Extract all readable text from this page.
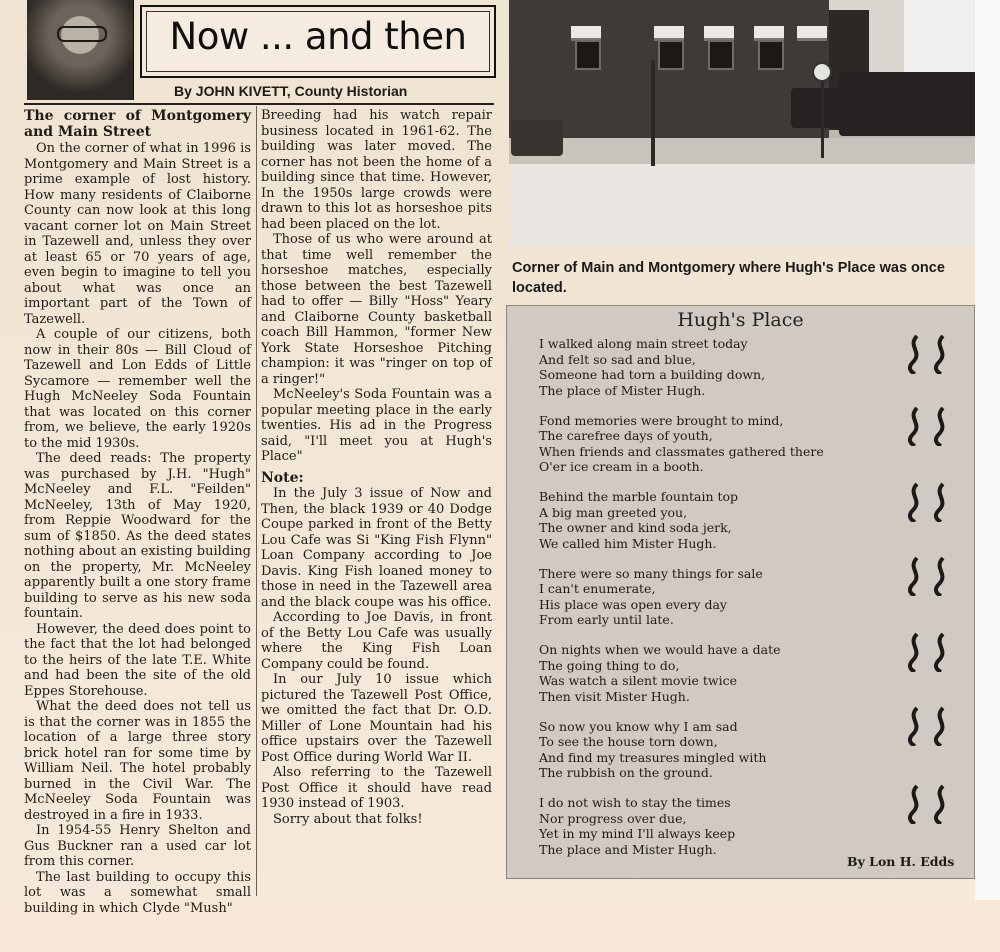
Now ... and then
By JOHN KIVETT, County Historian
The corner of Montgomery and Main Street

On the corner of what in 1996 is Montgomery and Main Street is a prime example of lost history. How many residents of Claiborne County can now look at this long vacant corner lot on Main Street in Tazewell and, unless they over at least 65 or 70 years of age, even begin to imagine to tell you about what was once an important part of the Town of Tazewell.

A couple of our citizens, both now in their 80s — Bill Cloud of Tazewell and Lon Edds of Little Sycamore — remember well the Hugh McNeeley Soda Fountain that was located on this corner from, we believe, the early 1920s to the mid 1930s.

The deed reads: The property was purchased by J.H. "Hugh" McNeeley and F.L. "Feilden" McNeeley, 13th of May 1920, from Reppie Woodward for the sum of $1850. As the deed states nothing about an existing building on the property, Mr. McNeeley apparently built a one story frame building to serve as his new soda fountain.

However, the deed does point to the fact that the lot had belonged to the heirs of the late T.E. White and had been the site of the old Eppes Storehouse.

What the deed does not tell us is that the corner was in 1855 the location of a large three story brick hotel ran for some time by William Neil. The hotel probably burned in the Civil War. The McNeeley Soda Fountain was destroyed in a fire in 1933.

In 1954-55 Henry Shelton and Gus Buckner ran a used car lot from this corner.

The last building to occupy this lot was a somewhat small building in which Clyde "Mush"

Breeding had his watch repair business located in 1961-62. The building was later moved. The corner has not been the home of a building since that time. However, In the 1950s large crowds were drawn to this lot as horseshoe pits had been placed on the lot.

Those of us who were around at that time well remember the horseshoe matches, especially those between the best Tazewell had to offer — Billy "Hoss" Yeary and Claiborne County basketball coach Bill Hammon, "former New York State Horseshoe Pitching champion: it was "ringer on top of a ringer!"

McNeeley's Soda Fountain was a popular meeting place in the early twenties. His ad in the Progress said, "I'll meet you at Hugh's Place"

Note:

In the July 3 issue of Now and Then, the black 1939 or 40 Dodge Coupe parked in front of the Betty Lou Cafe was Si "King Fish Flynn" Loan Company according to Joe Davis. King Fish loaned money to those in need in the Tazewell area and the black coupe was his office.

According to Joe Davis, in front of the Betty Lou Cafe was usually where the King Fish Loan Company could be found.

In our July 10 issue which pictured the Tazewell Post Office, we omitted the fact that Dr. O.D. Miller of Lone Mountain had his office upstairs over the Tazewell Post Office during World War II.

Also referring to the Tazewell Post Office it should have read 1930 instead of 1903.

Sorry about that folks!

Corner of Main and Montgomery where Hugh's Place was once located.
Hugh's Place
I walked along main street today
And felt so sad and blue,
Someone had torn a building down,
The place of Mister Hugh.
Fond memories were brought to mind,
The carefree days of youth,
When friends and classmates gathered there
O'er ice cream in a booth.
Behind the marble fountain top
A big man greeted you,
The owner and kind soda jerk,
We called him Mister Hugh.
There were so many things for sale
I can't enumerate,
His place was open every day
From early until late.
On nights when we would have a date
The going thing to do,
Was watch a silent movie twice
Then visit Mister Hugh.
So now you know why I am sad
To see the house torn down,
And find my treasures mingled with
The rubbish on the ground.
I do not wish to stay the times
Nor progress over due,
Yet in my mind I'll always keep
The place and Mister Hugh.
By Lon H. Edds
